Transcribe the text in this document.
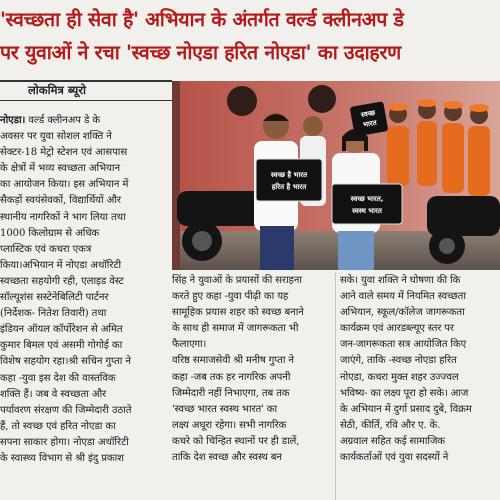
'स्वच्छता ही सेवा है' अभियान के अंतर्गत वर्ल्ड क्लीनअप डे
पर युवाओं ने रचा 'स्वच्छ नोएडा हरित नोएडा' का उदाहरण
लोकमित्र ब्यूरो

नोएडा। वर्ल्ड क्लीनअप डे के

अवसर पर युवा सोशल शक्ति ने

सेक्टर-18 मेट्रो स्टेशन एवं आसपास

के क्षेत्रों में भव्य स्वच्छता अभियान

का आयोजन किया। इस अभियान में

सैकड़ों स्वयंसेवकों, विद्यार्थियों और

स्थानीय नागरिकों ने भाग लिया तथा

1000 किलोग्राम से अधिक

प्लास्टिक एवं कचरा एकत्र

किया।अभियान में नोएडा अथॉरिटी

स्वच्छता सहयोगी रही, एलाइड वेस्ट

सॉल्यूशंस सस्टेनेबिलिटी पार्टनर

(निर्देशक- नितेश तिवारी) तथा

इंडियन ऑयल कॉर्पोरेशन से अमित

कुमार बिमल एवं असमी गोगोई का

विशेष सहयोग रहा।श्री सचिन गुप्ता ने

कहा -युवा इस देश की वास्तविक

शक्ति हैं। जब वे स्वच्छता और

पर्यावरण संरक्षण की जिम्मेदारी उठाते

हैं, तो स्वच्छ एवं हरित नोएडा का

सपना साकार होगा। नोएडा अथॉरिटी

के स्वास्थ्य विभाग से श्री इंदु प्रकाश

स्वच्छ है भारत
हरित है भारत
स्वच्छ भारत,
स्वस्थ भारत
स्वच्छ
भारत

सिंह ने युवाओं के प्रयासों की सराहना

करते हुए कहा -युवा पीढ़ी का यह

सामूहिक प्रयास शहर को स्वच्छ बनाने

के साथ ही समाज में जागरूकता भी

फैलाएगा।

वरिष्ठ समाजसेवी श्री मनीष गुप्ता ने

कहा -जब तक हर नागरिक अपनी

जिम्मेदारी नहीं निभाएगा, तब तक

'स्वच्छ भारत स्वस्थ भारत' का

लक्ष्य अधूरा रहेगा। सभी नागरिक

कचरे को चिन्हित स्थानों पर ही डालें,

ताकि देश स्वच्छ और स्वस्थ बन

सके। युवा शक्ति ने घोषणा की कि

आने वाले समय में नियमित स्वच्छता

अभियान, स्कूल/कॉलेज जागरूकता

कार्यक्रम एवं आरडब्ल्यूए स्तर पर

जन-जागरूकता सत्र आयोजित किए

जाएंगे, ताकि -स्वच्छ नोएडा हरित

नोएडा, कचरा मुक्त शहर उज्ज्वल

भविष्य- का लक्ष्य पूरा हो सके। आज

के अभियान में दुर्गा प्रसाद दुबे, विक्रम

सेठी, कीर्ति, रवि और ए. के.

अग्रवाल सहित कई सामाजिक

कार्यकर्ताओं एवं युवा सदस्यों ने
